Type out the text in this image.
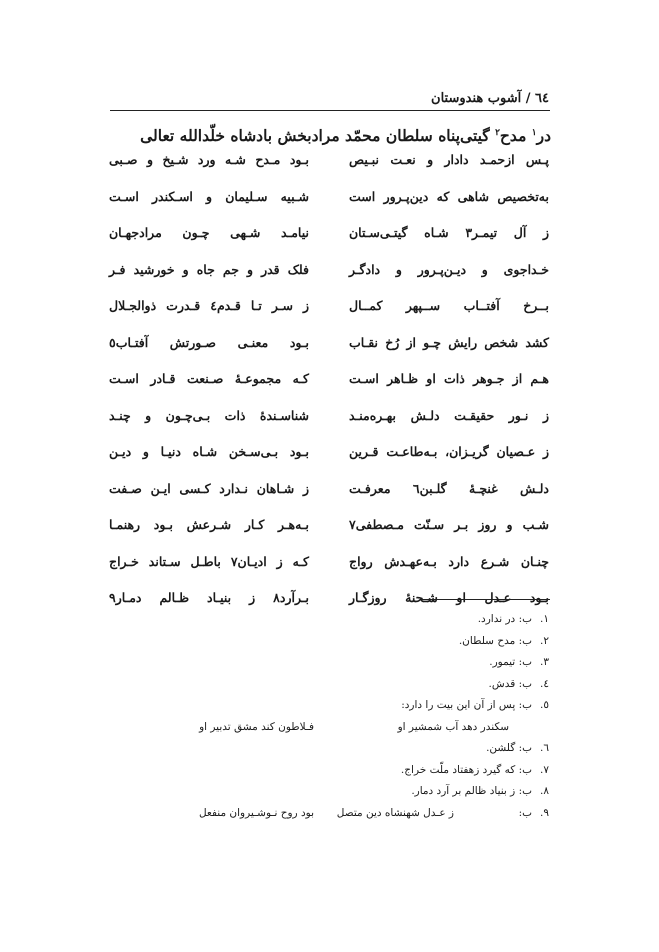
٦٤ / آشوب هندوستان
در$^١$ مدح$^٢$ گیتی‌پناه سلطان محمّد مرادبخش بادشاه خلّدالله تعالی
پـس ازحمـد دادار و نعـت نبـیص
بـود مـدح شـه ورد شـیخ و صـبی
به‌تخصیص شاهی که دین‌پـرور است
شـبیه سـلیمان و اسـکندر اسـت
ز آل تیمـر٣ شـاه گیتـی‌سـتان
نیامـد شـهی چـون مرادجهـان
خـداجوی و دیـن‌پـرور و دادگـر
فلک قدر و جم جاه و خورشید فـر
بــرخ آفتــاب ســپهر کمــال
ز سـر تـا قـدم٤ قـدرت ذوالجـلال
کشد شخص رایش چـو از رُخ نقـاب
بـود معنـی صـورتش آفتـاب٥
هـم از جـوهر ذات او ظـاهر اسـت
کـه مجموعـۀ صـنعت قـادر اسـت
ز نـور حقیقـت دلـش بهـره‌منـد
شناسـندۀ ذات بـی‌چـون و چنـد
ز عـصیان گریـزان، بـه‌طاعـت قـرین
بـود بـی‌سـخن شـاه دنیـا و دیـن
دلـش غنچـۀ گلـبن٦ معرفـت
ز شـاهان نـدارد کـسی ایـن صـفت
شـب و روز بـر سـنّت مـصطفی٧
بـه‌هـر کـار شـرعش بـود رهنمـا
چنـان شـرع دارد بـه‌عهـدش رواج
کـه ز ادیـان٧ باطـل سـتاند خـراج
بـود عـدل او شـحنۀ روزگـار
بـرآرد٨ ز بنیـاد ظـالم دمـار٩
١.
ب: در ندارد.
٢.
ب: مدح سلطان.
٣.
ب: تیمور.
٤.
ب: قدش.
٥.
ب: پس از آن این بیت را دارد:
سکندر دهد آب شمشیر او
فـلاطون کند مشق تدبیر او
٦.
ب: گلشن.
٧.
ب: که گیرد زهفتاد ملّت خراج.
٨.
ب: ز بنیاد ظالم بر آرد دمار.
٩.
ب:
ز عـدل شهنشاه دین متصل
بود روح نـوشـیروان منفعل
